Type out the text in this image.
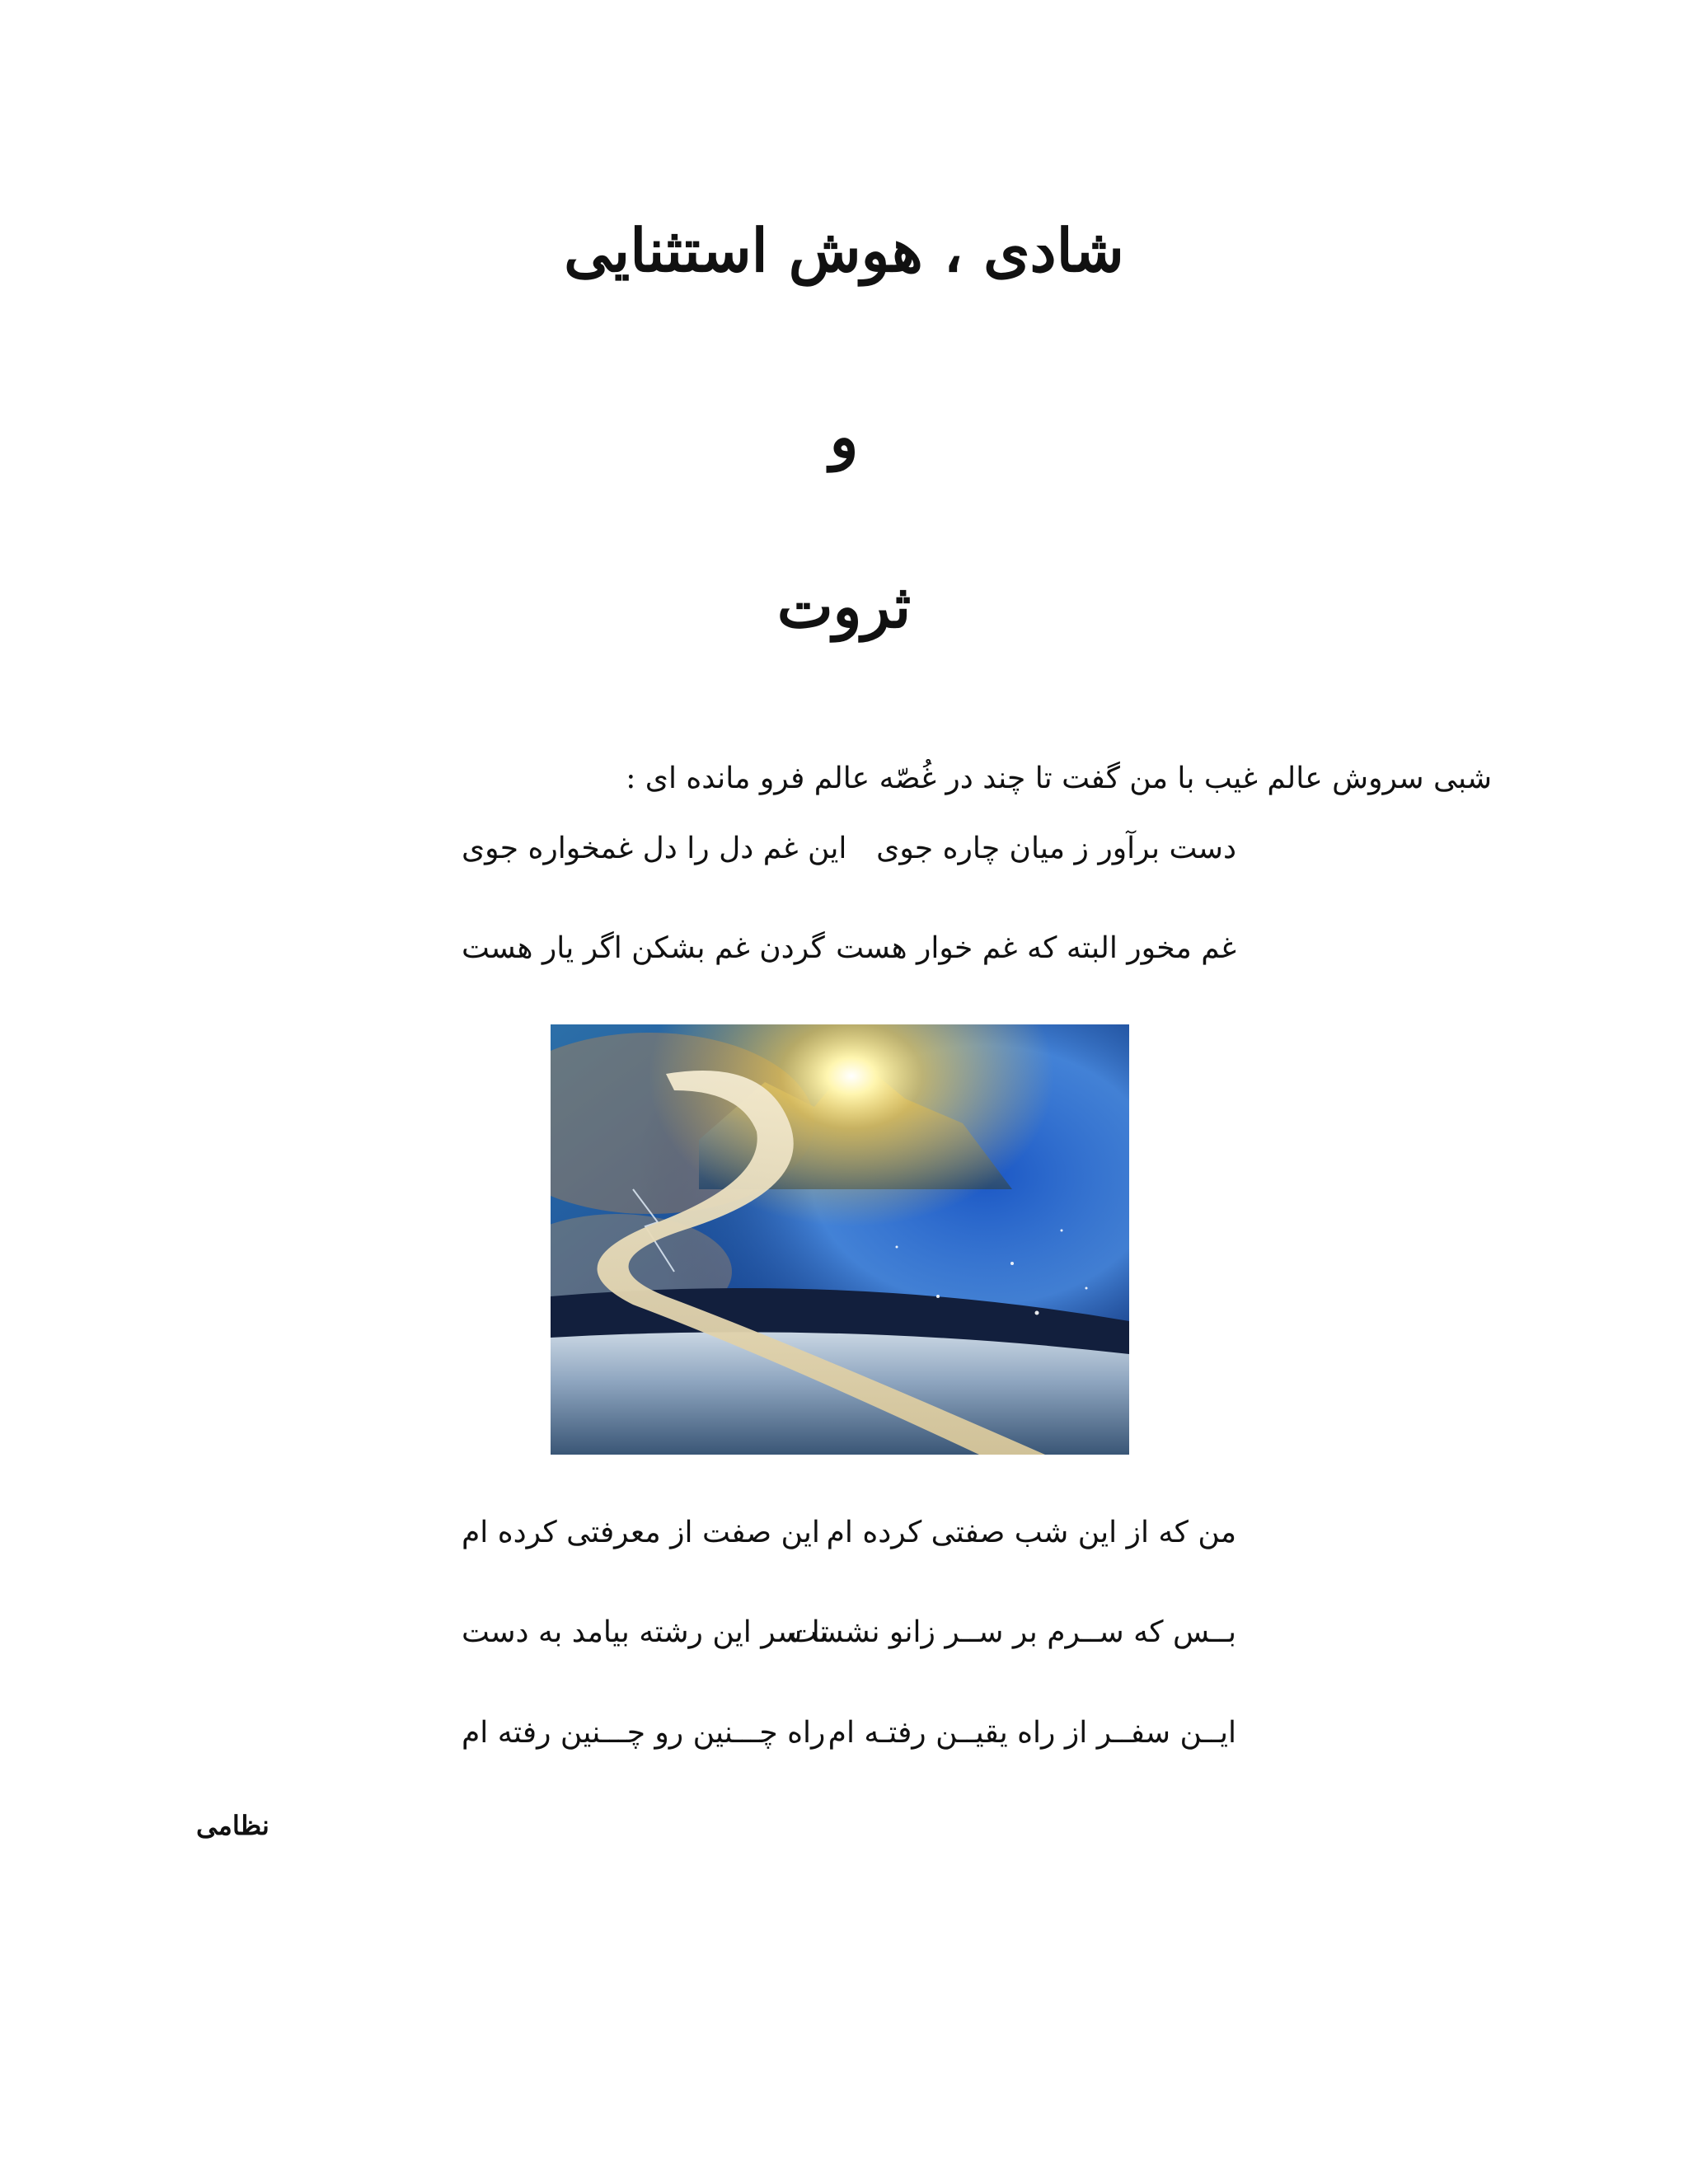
شادی ، هوش استثنایی
و
ثروت

شبی سروش عالم غیب با من گفت تا چند در غُصّه عالم فرو مانده ای :

دست برآور ز میان چاره جوی
این غم دل را دل غمخواره جوی
غم مخور البته که غم خوار هست
گردن غم بشکن اگر یار هست
من که از این شب صفتی کرده ام
این صفت از معرفتی کرده ام
بــس که ســرم بر ســر زانو نشست
تا سر این رشته بیامد به دست
ایــن سفــر از راه یقیــن رفتـه ام
راه چـــنین رو چـــنین رفته ام
نظامی
